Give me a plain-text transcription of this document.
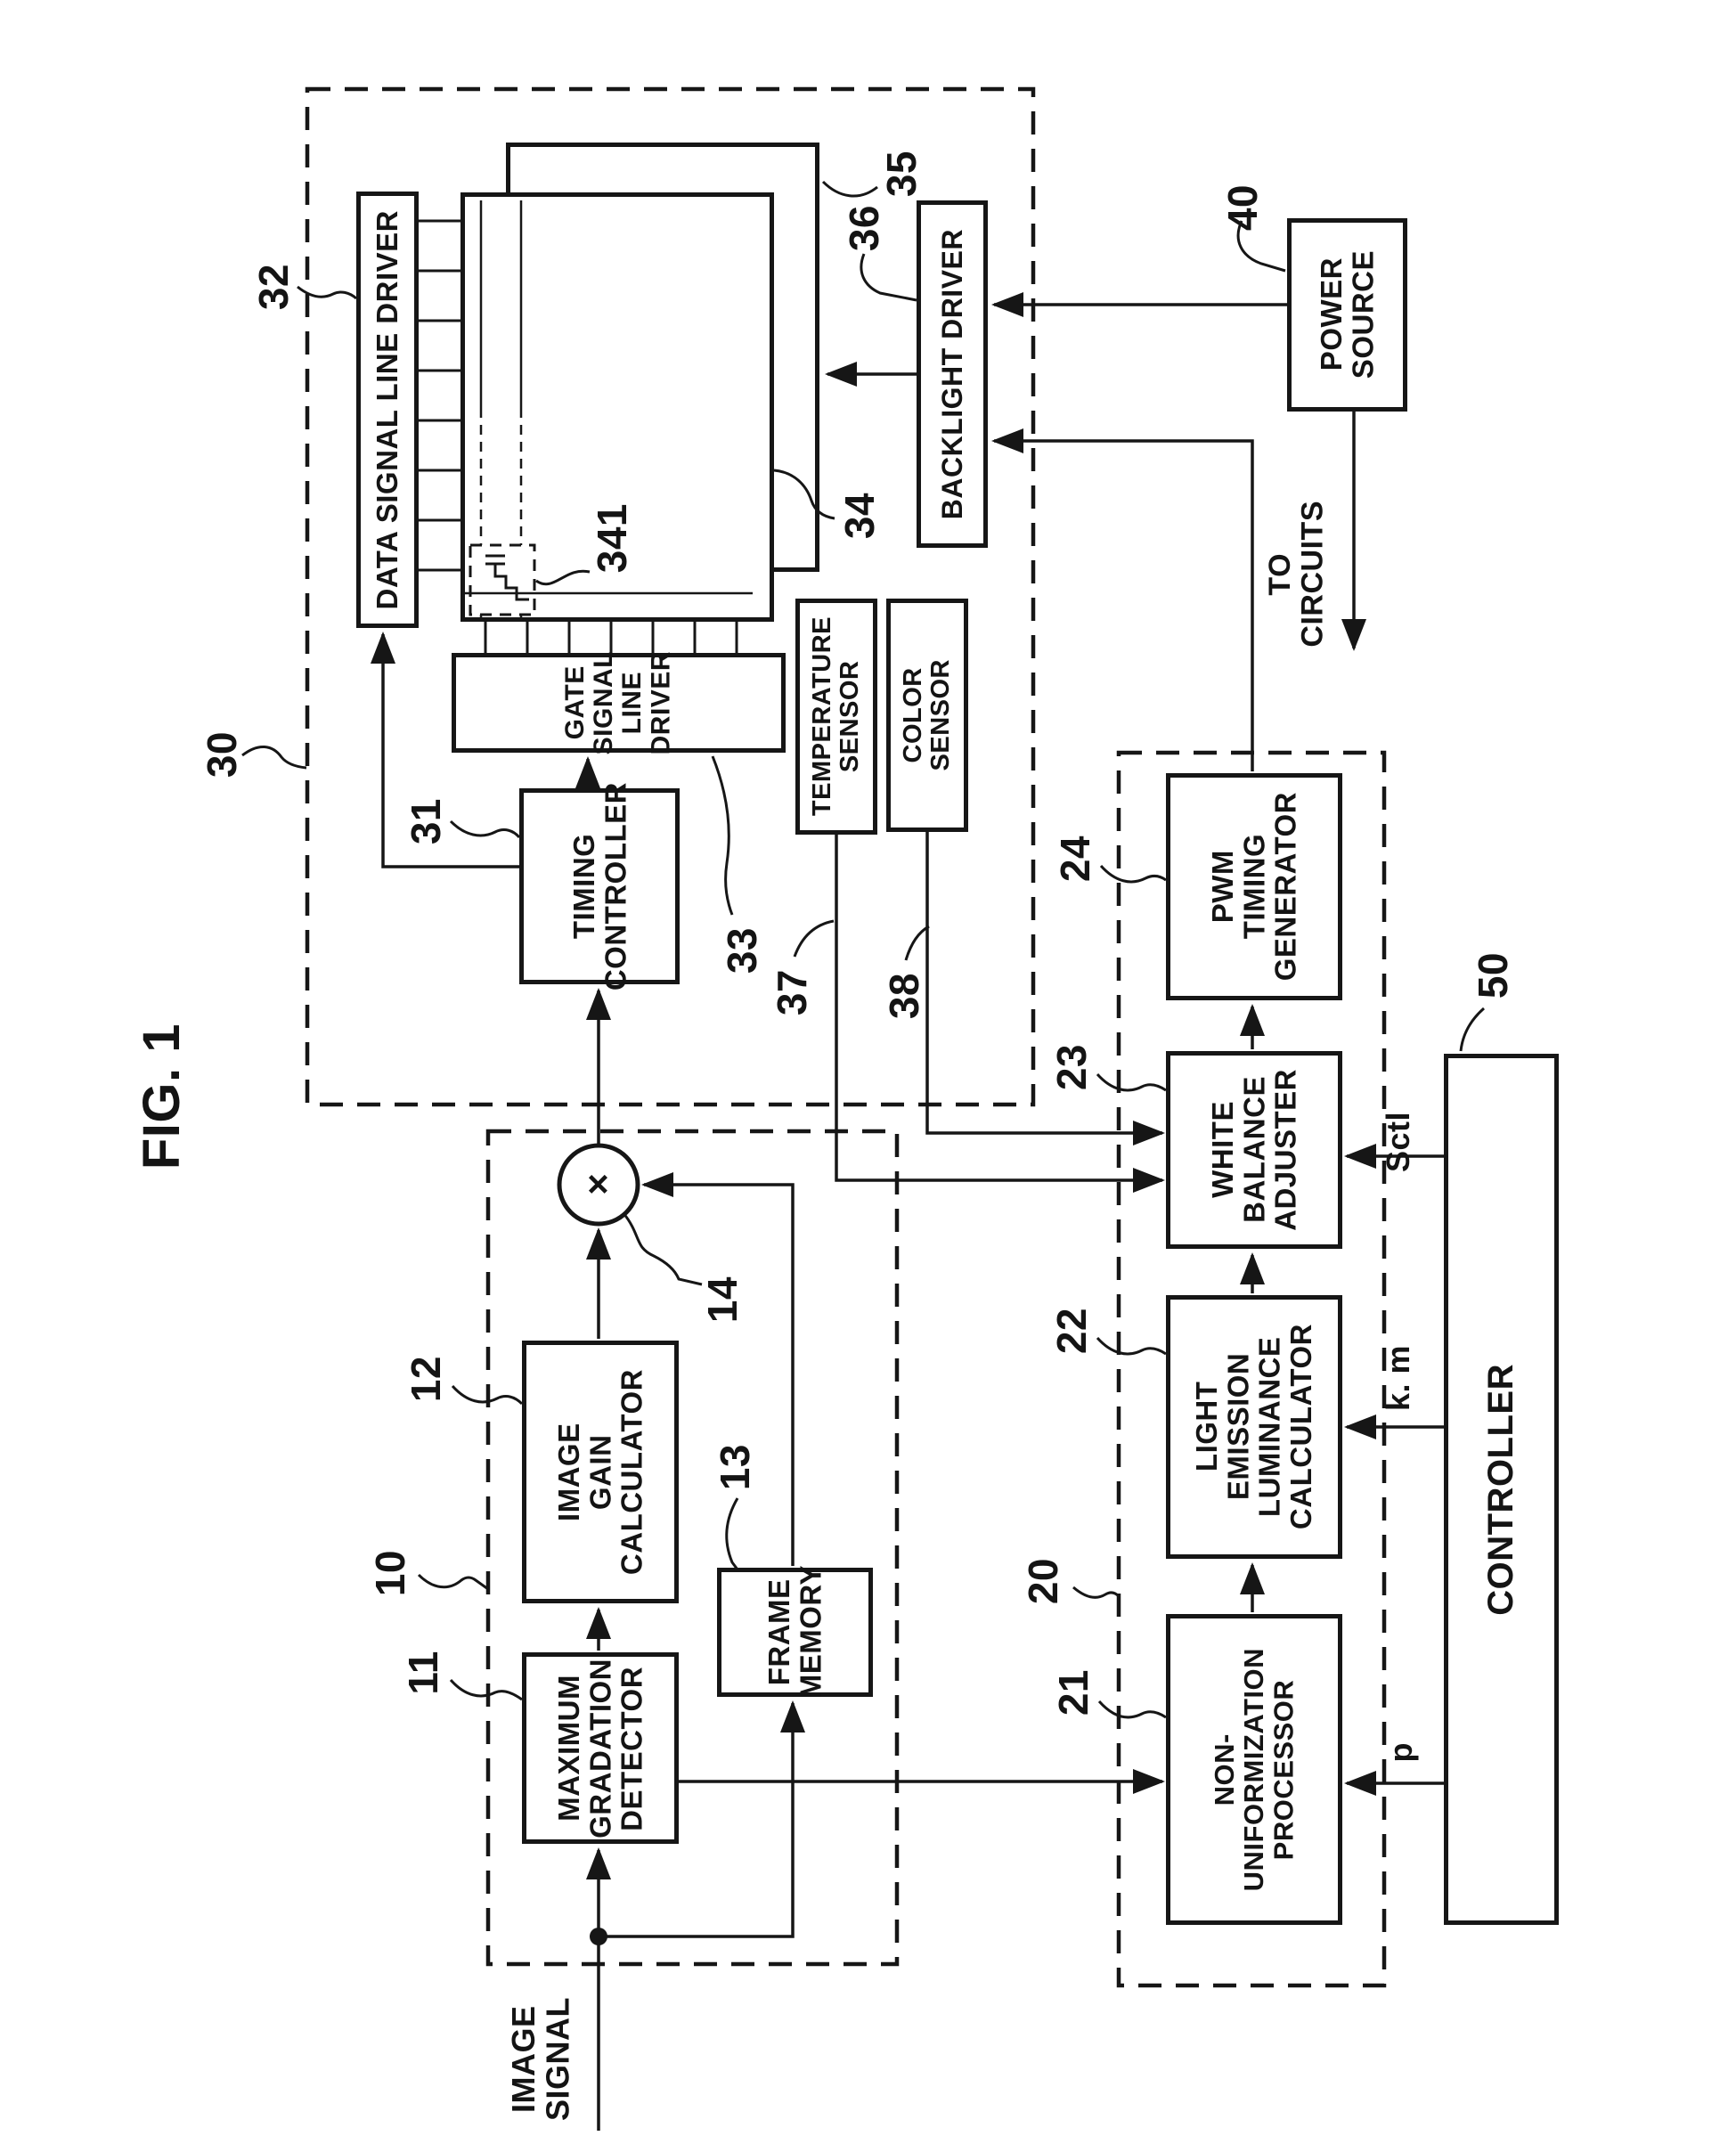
FIG. 1
DATA SIGNAL LINE DRIVER
GATE
SIGNAL
LINE
DRIVER
TIMING
CONTROLLER
BACKLIGHT DRIVER	POWER
SOURCE
TEMPERATURE
SENSOR COLOR
SENSOR
PWM
TIMING
GENERATOR
WHITE
BALANCE
ADJUSTER
LIGHT
EMISSION
LUMINANCE
CALCULATOR
NON-
UNIFORMIZATION
PROCESSOR
CONTROLLER
IMAGE
GAIN
CALCULATOR
FRAME
MEMORY
MAXIMUM
GRADATION
DETECTOR
×
30
32
35
36	40
34
341
31
33
37 38
24
23
22
21
20
50
10
12
13
14
11
Sctl
k. m
p
IMAGE
SIGNAL
TO
CIRCUITS
